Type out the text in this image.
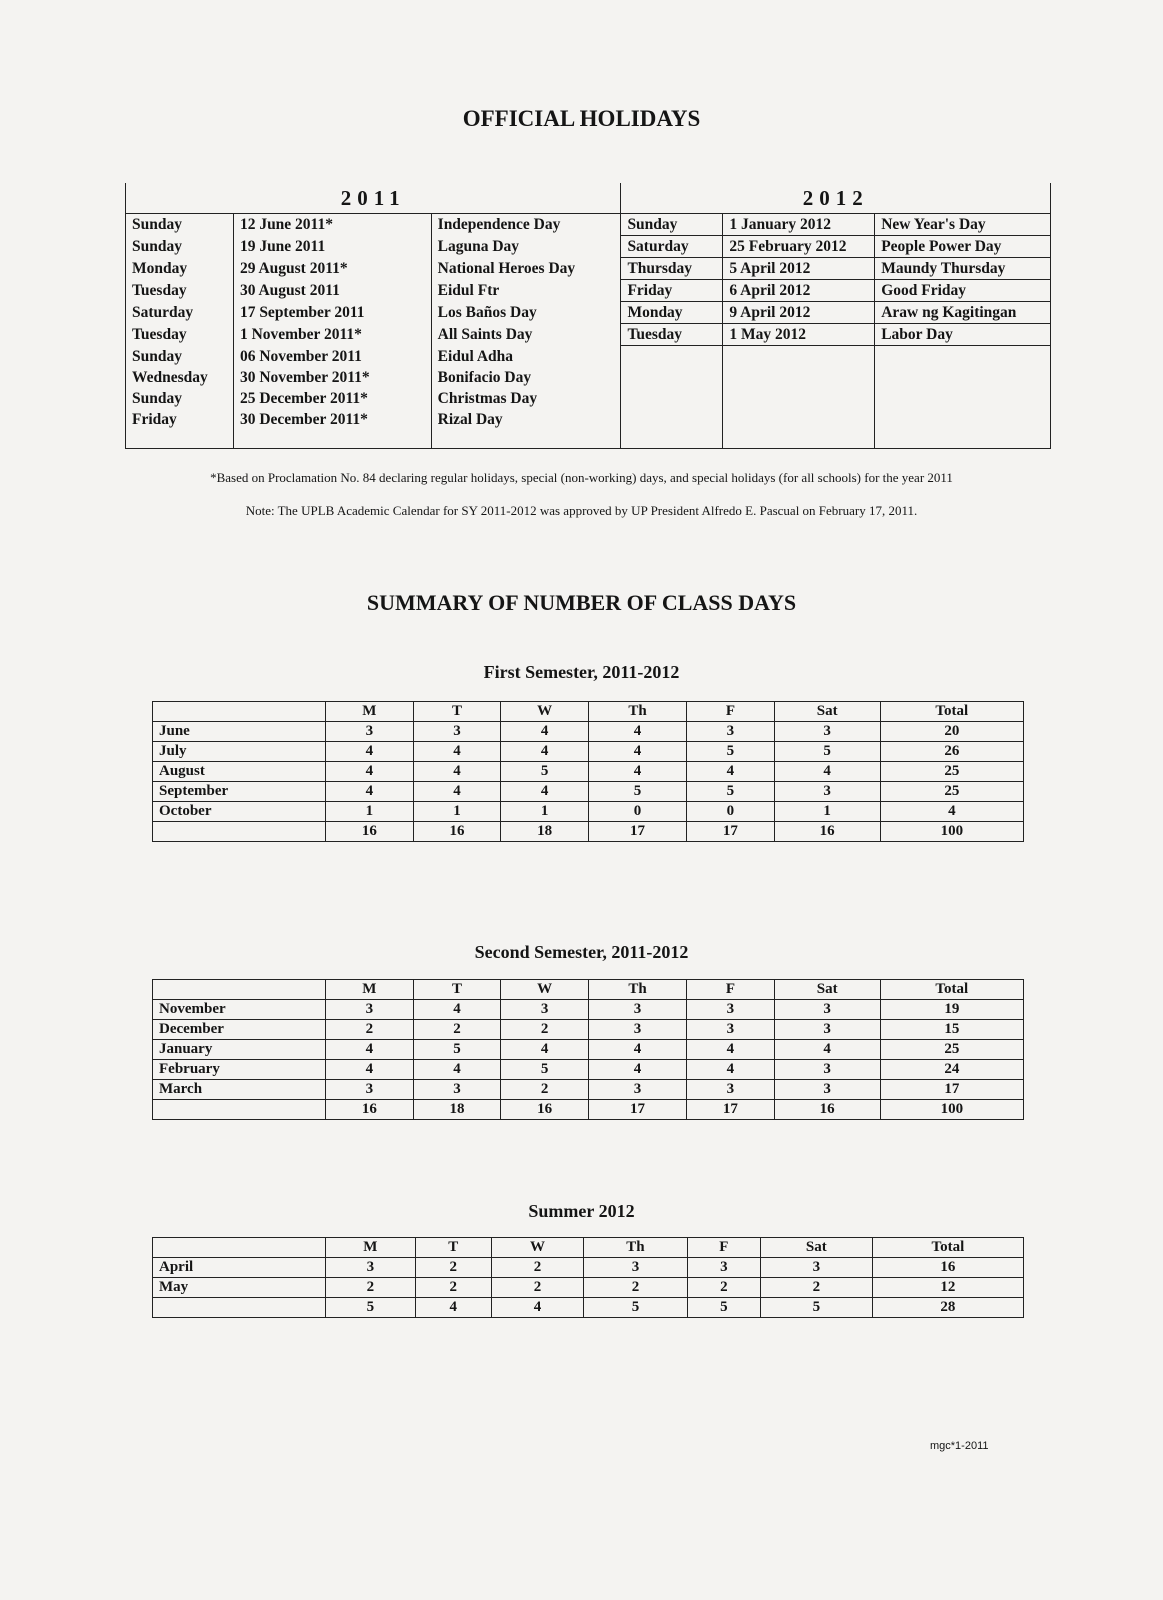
OFFICIAL HOLIDAYS
2011			2012		
Sunday	12 June 2011*	Independence Day	Sunday	1 January 2012	New Year's Day
Sunday	19 June 2011	Laguna Day	Saturday	25 February 2012	People Power Day
Monday	29 August 2011*	National Heroes Day	Thursday	5 April 2012	Maundy Thursday
Tuesday	30 August 2011	Eidul Ftr	Friday	6 April 2012	Good Friday
Saturday	17 September 2011	Los Baños Day	Monday	9 April 2012	Araw ng Kagitingan
Tuesday	1 November 2011*	All Saints Day	Tuesday	1 May 2012	Labor Day
Sunday	06 November 2011	Eidul Adha			
Wednesday	30 November 2011*	Bonifacio Day			
Sunday	25 December 2011*	Christmas Day			
Friday	30 December 2011*	Rizal Day			

*Based on Proclamation No. 84 declaring regular holidays, special (non-working) days, and special holidays (for all schools) for the year 2011
Note: The UPLB Academic Calendar for SY 2011-2012 was approved by UP President Alfredo E. Pascual on February 17, 2011.
SUMMARY OF NUMBER OF CLASS DAYS
First Semester, 2011-2012
	M	T	W	Th	F	Sat	Total
June	3	3	4	4	3	3	20
July	4	4	4	4	5	5	26
August	4	4	5	4	4	4	25
September	4	4	4	5	5	3	25
October	1	1	1	0	0	1	4
	16	16	18	17	17	16	100
Second Semester, 2011-2012
	M	T	W	Th	F	Sat	Total
November	3	4	3	3	3	3	19
December	2	2	2	3	3	3	15
January	4	5	4	4	4	4	25
February	4	4	5	4	4	3	24
March	3	3	2	3	3	3	17
	16	18	16	17	17	16	100
Summer 2012
	M	T	W	Th	F	Sat	Total
April	3	2	2	3	3	3	16
May	2	2	2	2	2	2	12
	5	4	4	5	5	5	28
mgc*1-2011
